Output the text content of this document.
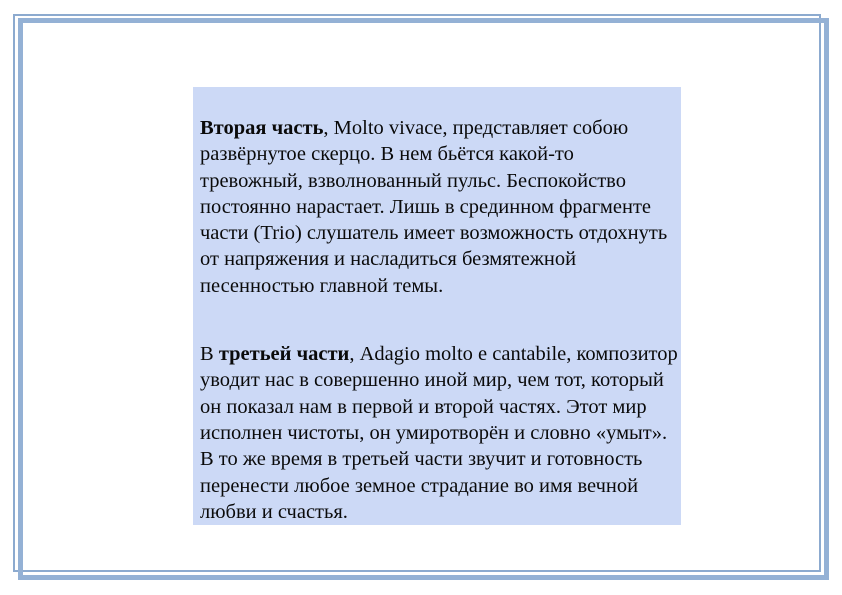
Вторая часть, Molto vivace, представляет собою развёрнутое скерцо. В нем бьётся какой-то тревожный, взволнованный пульс. Беспокойство постоянно нарастает. Лишь в срединном фрагменте части (Trio) слушатель имеет возможность отдохнуть от напряжения и насладиться безмятежной песенностью главной темы.

В третьей части, Adagio molto e cantabile, композитор уводит нас в совершенно иной мир, чем тот, который он показал нам в первой и второй частях. Этот мир исполнен чистоты, он умиротворён и словно «умыт». В то же время в третьей части звучит и готовность перенести любое земное страдание во имя вечной любви и счастья.
